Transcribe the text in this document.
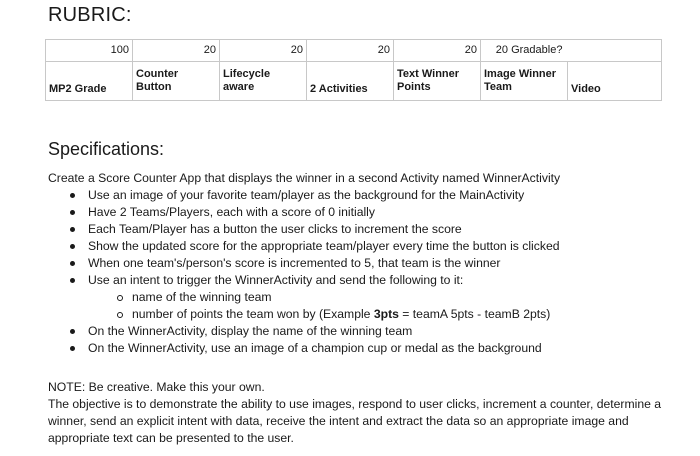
RUBRIC:
100	20	20	20	20	20 Gradable?	
MP2 Grade	Counter Button	Lifecycle aware	2 Activities	Text Winner Points	Image Winner Team	Video
Specifications:

Create a Score Counter App that displays the winner in a second Activity named WinnerActivity

Use an image of your favorite team/player as the background for the MainActivity
Have 2 Teams/Players, each with a score of 0 initially
Each Team/Player has a button the user clicks to increment the score
Show the updated score for the appropriate team/player every time the button is clicked
When one team's/person's score is incremented to 5, that team is the winner
Use an intent to trigger the WinnerActivity and send the following to it:
name of the winning team
number of points the team won by (Example 3pts = teamA 5pts - teamB 2pts)
On the WinnerActivity, display the name of the winning team
On the WinnerActivity, use an image of a champion cup or medal as the background

NOTE: Be creative. Make this your own.

The objective is to demonstrate the ability to use images, respond to user clicks, increment a counter, determine a winner, send an explicit intent with data, receive the intent and extract the data so an appropriate image and appropriate text can be presented to the user.
